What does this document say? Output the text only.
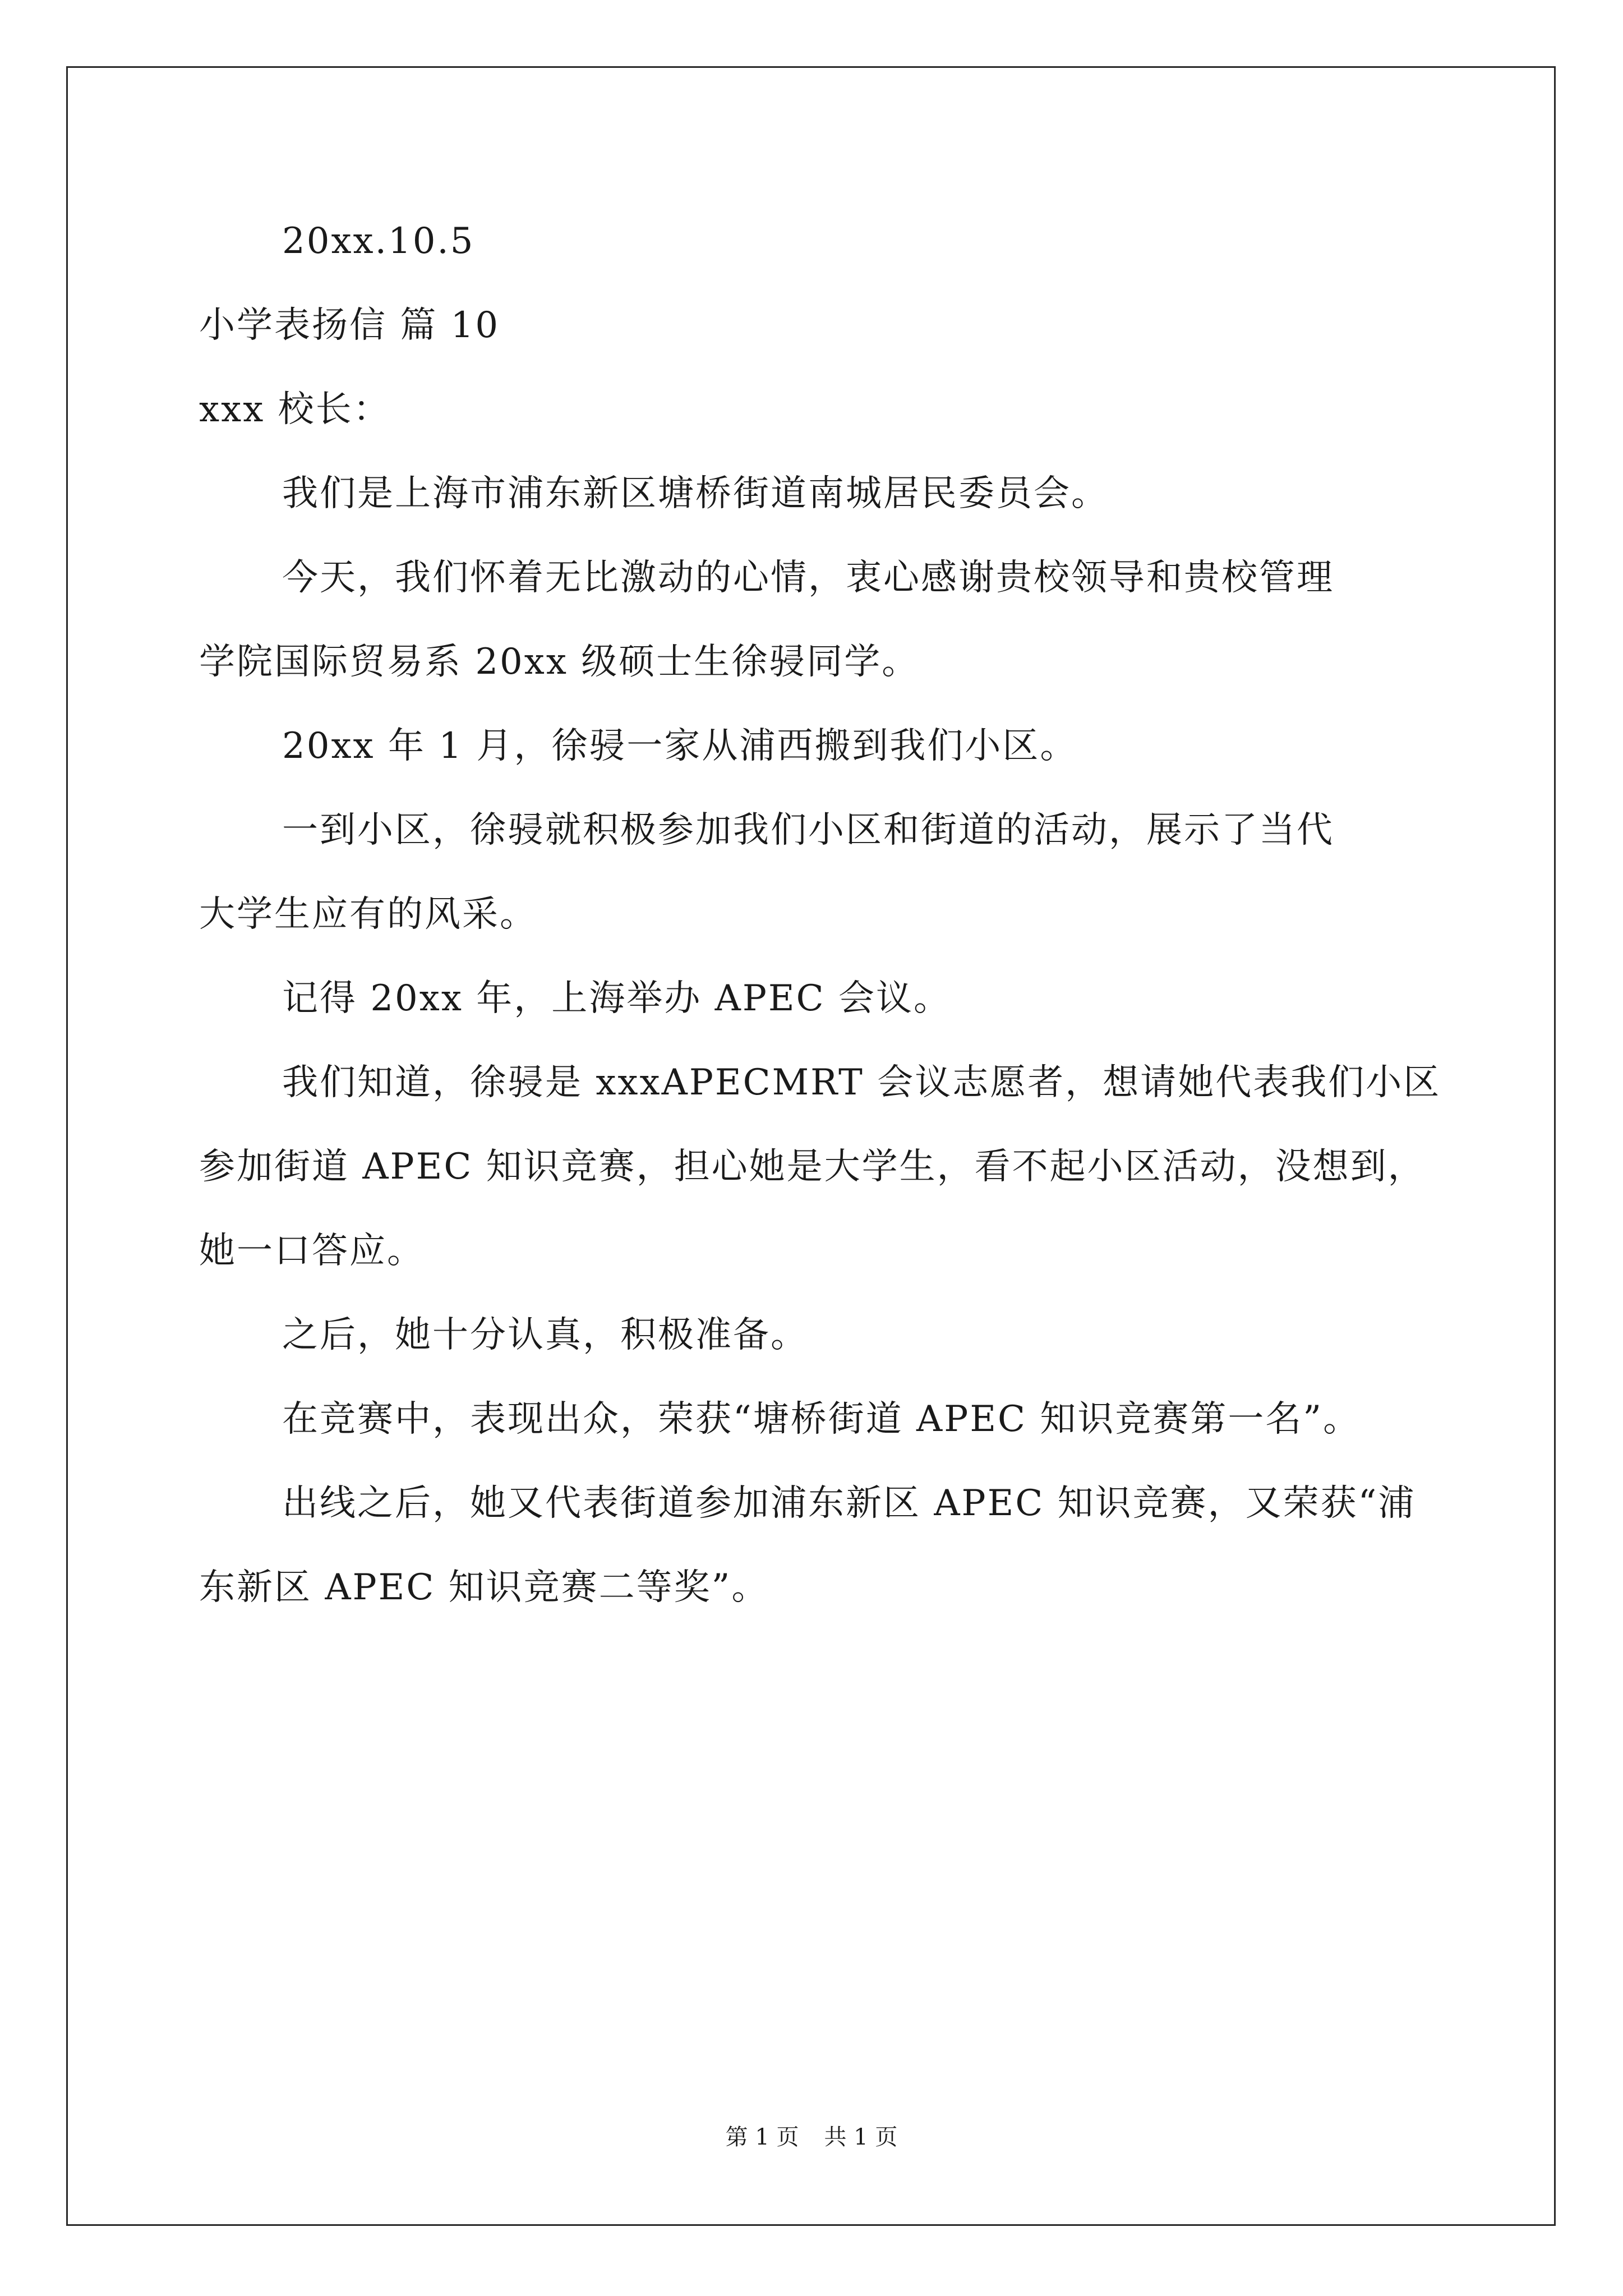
20xx.10.5
小学表扬信 篇 10
xxx 校长：
我们是上海市浦东新区塘桥街道南城居民委员会。
今天，我们怀着无比激动的心情，衷心感谢贵校领导和贵校管理
学院国际贸易系 20xx 级硕士生徐骎同学。
20xx 年 1 月，徐骎一家从浦西搬到我们小区。
一到小区，徐骎就积极参加我们小区和街道的活动，展示了当代
大学生应有的风采。
记得 20xx 年，上海举办 APEC 会议。
我们知道，徐骎是 xxxAPECMRT 会议志愿者，想请她代表我们小区
参加街道 APEC 知识竞赛，担心她是大学生，看不起小区活动，没想到，
她一口答应。
之后，她十分认真，积极准备。
在竞赛中，表现出众，荣获“塘桥街道 APEC 知识竞赛第一名”。
出线之后，她又代表街道参加浦东新区 APEC 知识竞赛，又荣获“浦
东新区 APEC 知识竞赛二等奖”。
第 1 页 共 1 页
